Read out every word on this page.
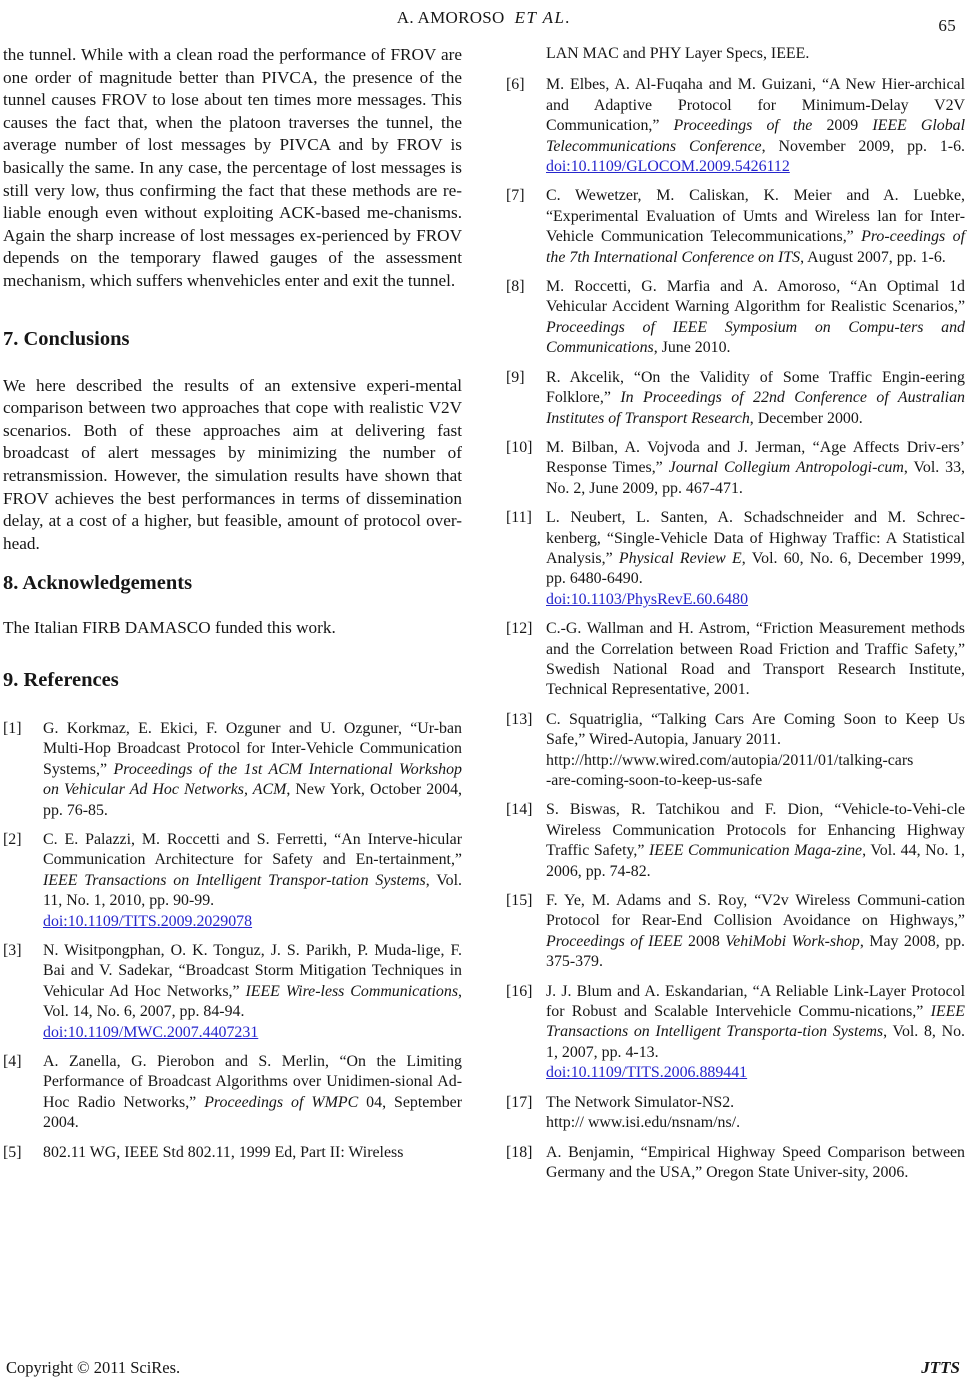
A. AMOROSO ET AL.	65

the tunnel. While with a clean road the performance of FROV are one order of magnitude better than PIVCA, the presence of the tunnel causes FROV to lose about ten times more messages. This causes the fact that, when the platoon traverses the tunnel, the average number of lost messages by PIVCA and by FROV is basically the same. In any case, the percentage of lost messages is still very low, thus confirming the fact that these methods are re-liable enough even without exploiting ACK-based me-chanisms. Again the sharp increase of lost messages ex-perienced by FROV depends on the temporary flawed gauges of the assessment mechanism, which suffers whenvehicles enter and exit the tunnel.

7. Conclusions

We here described the results of an extensive experi-mental comparison between two approaches that cope with realistic V2V scenarios. Both of these approaches aim at delivering fast broadcast of alert messages by minimizing the number of retransmission. However, the simulation results have shown that FROV achieves the best performances in terms of dissemination delay, at a cost of a higher, but feasible, amount of protocol over-head.

8. Acknowledgements

The Italian FIRB DAMASCO funded this work.

9. References
[1] G. Korkmaz, E. Ekici, F. Ozguner and U. Ozguner, “Ur-ban Multi-Hop Broadcast Protocol for Inter-Vehicle Communication Systems,” Proceedings of the 1st ACM International Workshop on Vehicular Ad Hoc Networks, ACM, New York, October 2004, pp. 76-85.
[2] C. E. Palazzi, M. Roccetti and S. Ferretti, “An Interve-hicular Communication Architecture for Safety and En-tertainment,” IEEE Transactions on Intelligent Transpor-tation Systems, Vol. 11, No. 1, 2010, pp. 90-99.
doi:10.1109/TITS.2009.2029078
[3] N. Wisitpongphan, O. K. Tonguz, J. S. Parikh, P. Muda-lige, F. Bai and V. Sadekar, “Broadcast Storm Mitigation Techniques in Vehicular Ad Hoc Networks,” IEEE Wire-less Communications, Vol. 14, No. 6, 2007, pp. 84-94.
doi:10.1109/MWC.2007.4407231
[4] A. Zanella, G. Pierobon and S. Merlin, “On the Limiting Performance of Broadcast Algorithms over Unidimen-sional Ad-Hoc Radio Networks,” Proceedings of WMPC 04, September 2004.
[5] 802.11 WG, IEEE Std 802.11, 1999 Ed, Part II: Wireless
LAN MAC and PHY Layer Specs, IEEE.
[6] M. Elbes, A. Al-Fuqaha and M. Guizani, “A New Hier-archical and Adaptive Protocol for Minimum-Delay V2V Communication,” Proceedings of the 2009 IEEE Global Telecommunications Conference, November 2009, pp. 1-6. doi:10.1109/GLOCOM.2009.5426112
[7] C. Wewetzer, M. Caliskan, K. Meier and A. Luebke, “Experimental Evaluation of Umts and Wireless lan for Inter-Vehicle Communication Telecommunications,” Pro-ceedings of the 7th International Conference on ITS, August 2007, pp. 1-6.
[8] M. Roccetti, G. Marfia and A. Amoroso, “An Optimal 1d Vehicular Accident Warning Algorithm for Realistic Scenarios,” Proceedings of IEEE Symposium on Compu-ters and Communications, June 2010.
[9] R. Akcelik, “On the Validity of Some Traffic Engin-eering Folklore,” In Proceedings of 22nd Conference of Australian Institutes of Transport Research, December 2000.
[10] M. Bilban, A. Vojvoda and J. Jerman, “Age Affects Driv-ers’ Response Times,” Journal Collegium Antropologi-cum, Vol. 33, No. 2, June 2009, pp. 467-471.
[11] L. Neubert, L. Santen, A. Schadschneider and M. Schrec-kenberg, “Single-Vehicle Data of Highway Traffic: A Statistical Analysis,” Physical Review E, Vol. 60, No. 6, December 1999, pp. 6480-6490.
doi:10.1103/PhysRevE.60.6480
[12] C.-G. Wallman and H. Astrom, “Friction Measurement methods and the Correlation between Road Friction and Traffic Safety,” Swedish National Road and Transport Research Institute, Technical Representative, 2001.
[13] C. Squatriglia, “Talking Cars Are Coming Soon to Keep Us Safe,” Wired-Autopia, January 2011.
http://http://www.wired.com/autopia/2011/01/talking-cars
-are-coming-soon-to-keep-us-safe
[14] S. Biswas, R. Tatchikou and F. Dion, “Vehicle-to-Vehi-cle Wireless Communication Protocols for Enhancing Highway Traffic Safety,” IEEE Communication Maga-zine, Vol. 44, No. 1, 2006, pp. 74-82.
[15] F. Ye, M. Adams and S. Roy, “V2v Wireless Communi-cation Protocol for Rear-End Collision Avoidance on Highways,” Proceedings of IEEE 2008 VehiMobi Work-shop, May 2008, pp. 375-379.
[16] J. J. Blum and A. Eskandarian, “A Reliable Link-Layer Protocol for Robust and Scalable Intervehicle Commu-nications,” IEEE Transactions on Intelligent Transporta-tion Systems, Vol. 8, No. 1, 2007, pp. 4-13.
doi:10.1109/TITS.2006.889441
[17] The Network Simulator-NS2.
http:// www.isi.edu/nsnam/ns/.
[18] A. Benjamin, “Empirical Highway Speed Comparison between Germany and the USA,” Oregon State Univer-sity, 2006.
Copyright © 2011 SciRes.	JTTS
